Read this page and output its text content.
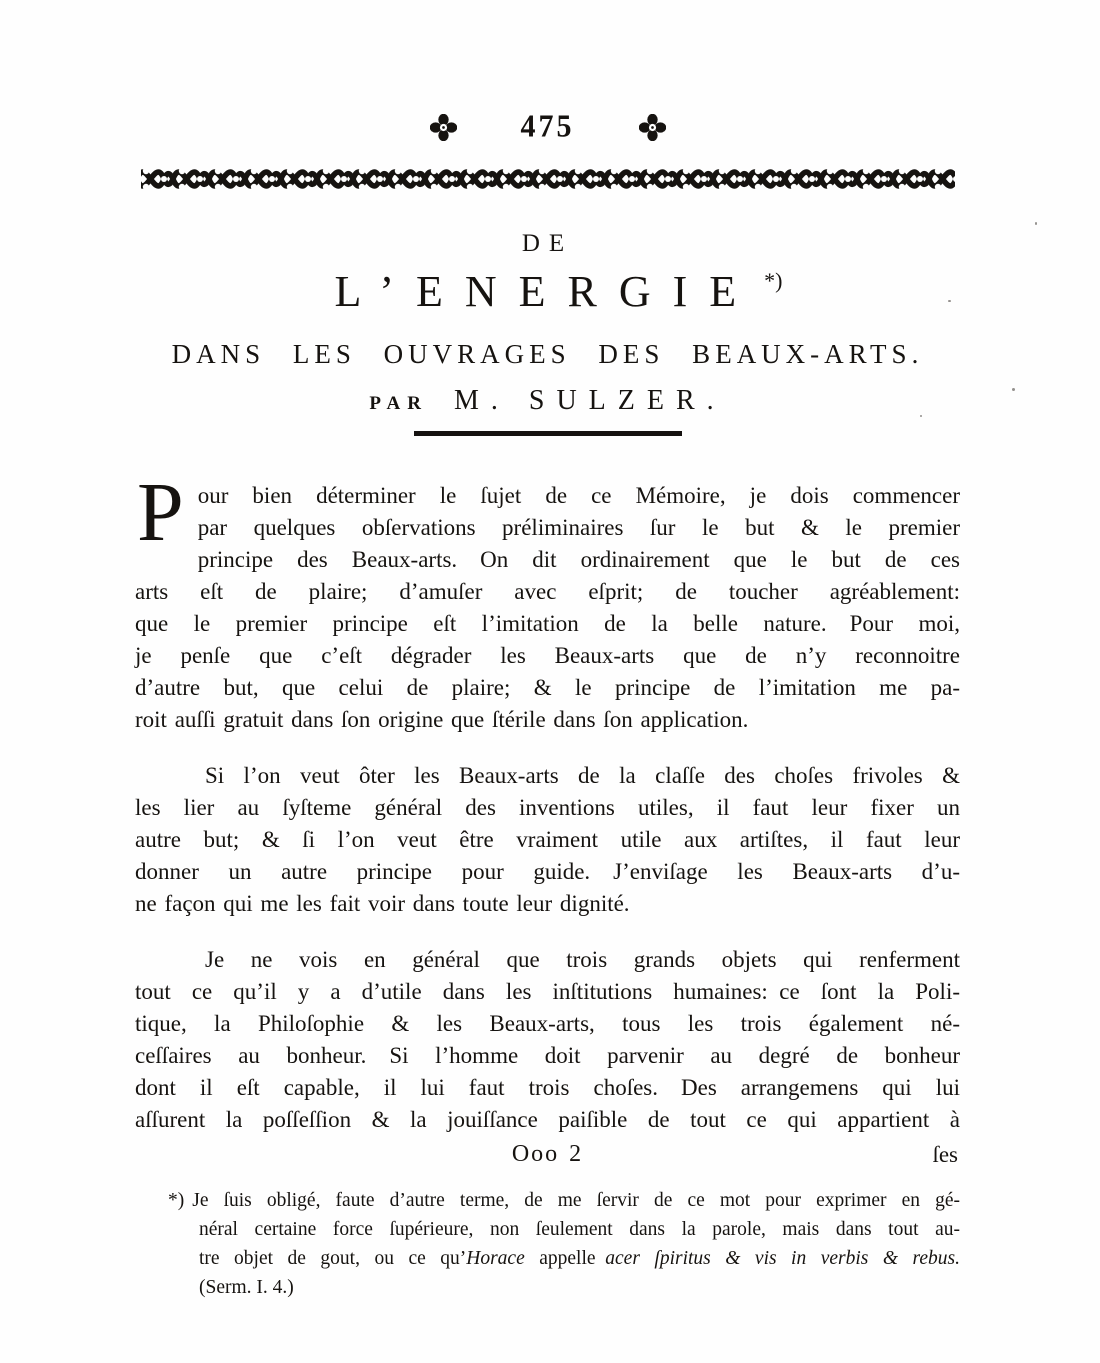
475
DE
L’ENERGIE *)
DANS LES OUVRAGES DES BEAUX-ARTS.
PAR M. SULZER.
P our bien déterminer le ſujet de ce Mémoire, je dois commencer
par quelques obſervations préliminaires ſur le but & le premier
principe des Beaux-arts. On dit ordinairement que le but de ces
arts eſt de plaire; d’amuſer avec eſprit; de toucher agréablement:
que le premier principe eſt l’imitation de la belle nature. Pour moi,
je penſe que c’eſt dégrader les Beaux-arts que de n’y reconnoitre
d’autre but, que celui de plaire; & le principe de l’imitation me pa-
roit auſſi gratuit dans ſon origine que ſtérile dans ſon application.
Si l’on veut ôter les Beaux-arts de la claſſe des choſes frivoles &
les lier au ſyſteme général des inventions utiles, il faut leur fixer un
autre but; & ſi l’on veut être vraiment utile aux artiſtes, il faut leur
donner un autre principe pour guide. J’enviſage les Beaux-arts d’u-
ne façon qui me les fait voir dans toute leur dignité.
Je ne vois en général que trois grands objets qui renferment
tout ce qu’il y a d’utile dans les inſtitutions humaines: ce ſont la Poli-
tique, la Philoſophie & les Beaux-arts, tous les trois également né-
ceſſaires au bonheur. Si l’homme doit parvenir au degré de bonheur
dont il eſt capable, il lui faut trois choſes. Des arrangemens qui lui
aſſurent la poſſeſſion & la jouiſſance paiſible de tout ce qui appartient à
Ooo 2	ſes
*) Je ſuis obligé, faute d’autre terme, de me ſervir de ce mot pour exprimer en gé-
néral certaine force ſupérieure, non ſeulement dans la parole, mais dans tout au-
tre objet de gout, ou ce qu’Horace appelle acer ſpiritus & vis in verbis & rebus.
(Serm. I. 4.)
